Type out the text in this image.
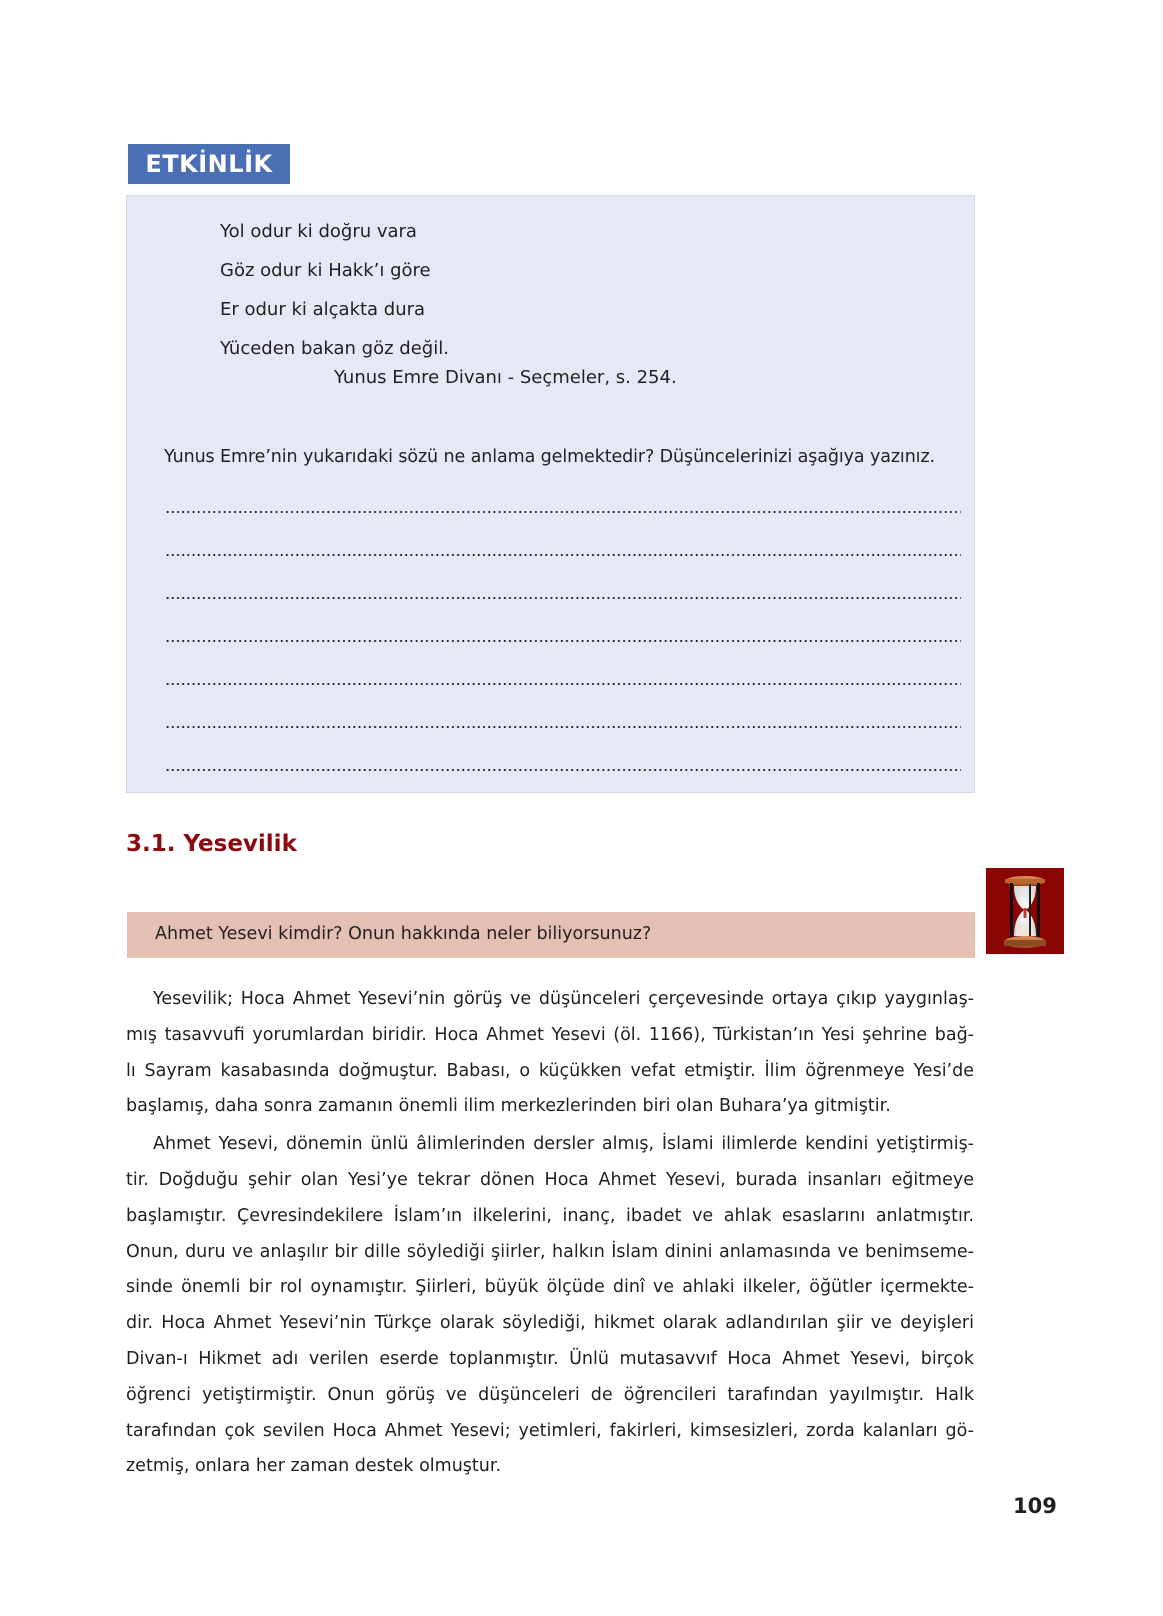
ETKİNLİK
Yol odur ki doğru vara
Göz odur ki Hakk’ı göre
Er odur ki alçakta dura
Yüceden bakan göz değil.
Yunus Emre Divanı - Seçmeler, s. 254.
Yunus Emre’nin yukarıdaki sözü ne anlama gelmektedir? Düşüncelerinizi aşağıya yazınız.
3.1. Yesevilik
Ahmet Yesevi kimdir? Onun hakkında neler biliyorsunuz?

Yesevilik; Hoca Ahmet Yesevi’nin görüş ve düşünceleri çerçevesinde ortaya çıkıp yaygınlaş-
mış tasavvufi yorumlardan biridir. Hoca Ahmet Yesevi (öl. 1166), Türkistan’ın Yesi şehrine bağ-
lı Sayram kasabasında doğmuştur. Babası, o küçükken vefat etmiştir. İlim öğrenmeye Yesi’de
başlamış, daha sonra zamanın önemli ilim merkezlerinden biri olan Buhara’ya gitmiştir.

Ahmet Yesevi, dönemin ünlü âlimlerinden dersler almış, İslami ilimlerde kendini yetiştirmiş-
tir. Doğduğu şehir olan Yesi’ye tekrar dönen Hoca Ahmet Yesevi, burada insanları eğitmeye
başlamıştır. Çevresindekilere İslam’ın ilkelerini, inanç, ibadet ve ahlak esaslarını anlatmıştır.
Onun, duru ve anlaşılır bir dille söylediği şiirler, halkın İslam dinini anlamasında ve benimseme-
sinde önemli bir rol oynamıştır. Şiirleri, büyük ölçüde dinî ve ahlaki ilkeler, öğütler içermekte-
dir. Hoca Ahmet Yesevi’nin Türkçe olarak söylediği, hikmet olarak adlandırılan şiir ve deyişleri
Divan-ı Hikmet adı verilen eserde toplanmıştır. Ünlü mutasavvıf Hoca Ahmet Yesevi, birçok
öğrenci yetiştirmiştir. Onun görüş ve düşünceleri de öğrencileri tarafından yayılmıştır. Halk
tarafından çok sevilen Hoca Ahmet Yesevi; yetimleri, fakirleri, kimsesizleri, zorda kalanları gö-
zetmiş, onlara her zaman destek olmuştur.

109
